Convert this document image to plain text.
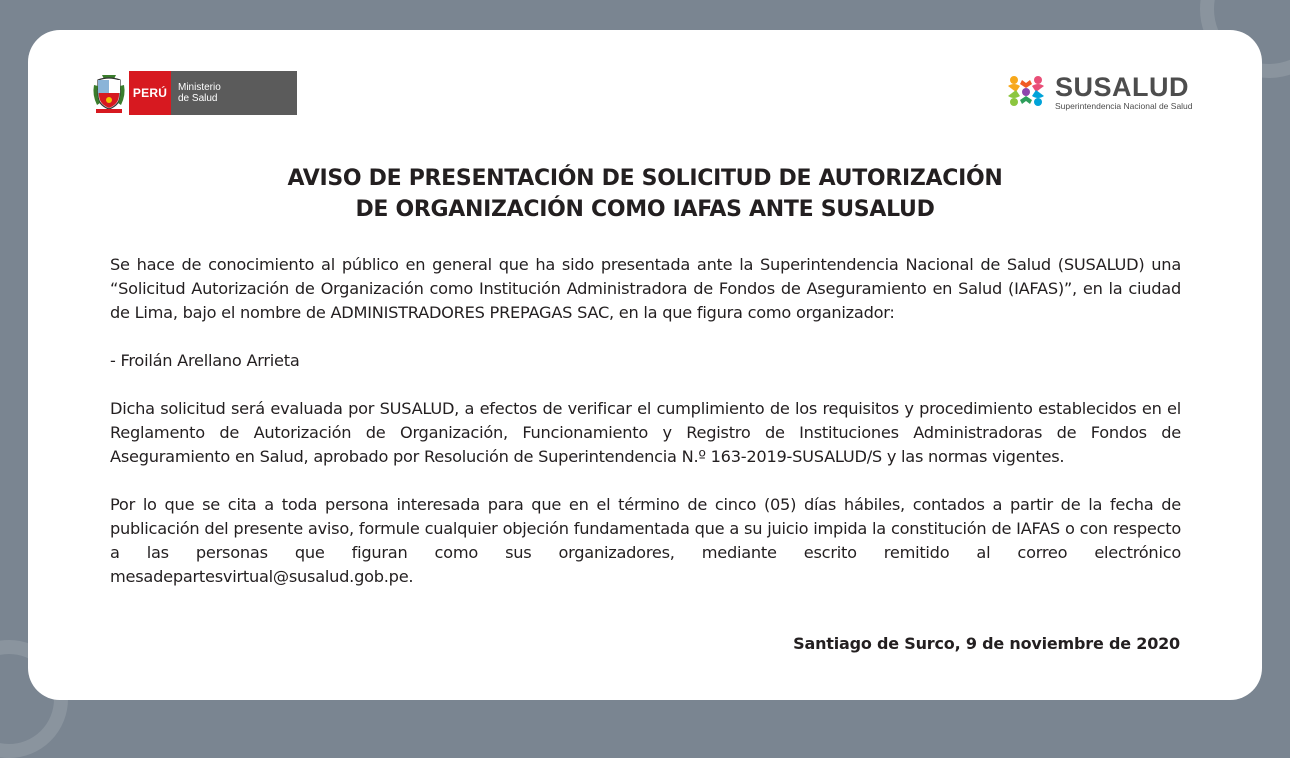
PERÚ	Ministerio
de Salud	SUSALUD
Superintendencia Nacional de Salud
AVISO DE PRESENTACIÓN DE SOLICITUD DE AUTORIZACIÓN
DE ORGANIZACIÓN COMO IAFAS ANTE SUSALUD

Se hace de conocimiento al público en general que ha sido presentada ante la Superintendencia Nacional de Salud (SUSALUD) una “Solicitud Autorización de Organización como Institución Administradora de Fondos de Aseguramiento en Salud (IAFAS)”, en la ciudad de Lima, bajo el nombre de ADMINISTRADORES PREPAGAS SAC, en la que figura como organizador:

- Froilán Arellano Arrieta

Dicha solicitud será evaluada por SUSALUD, a efectos de verificar el cumplimiento de los requisitos y procedimiento establecidos en el Reglamento de Autorización de Organización, Funcionamiento y Registro de Instituciones Administradoras de Fondos de Aseguramiento en Salud, aprobado por Resolución de Superintendencia N.º 163-2019-SUSALUD/S y las normas vigentes.

Por lo que se cita a toda persona interesada para que en el término de cinco (05) días hábiles, contados a partir de la fecha de publicación del presente aviso, formule cualquier objeción fundamentada que a su juicio impida la constitución de IAFAS o con respecto a las personas que figuran como sus organizadores, mediante escrito remitido al correo electrónico mesadepartesvirtual@susalud.gob.pe.

Santiago de Surco, 9 de noviembre de 2020
